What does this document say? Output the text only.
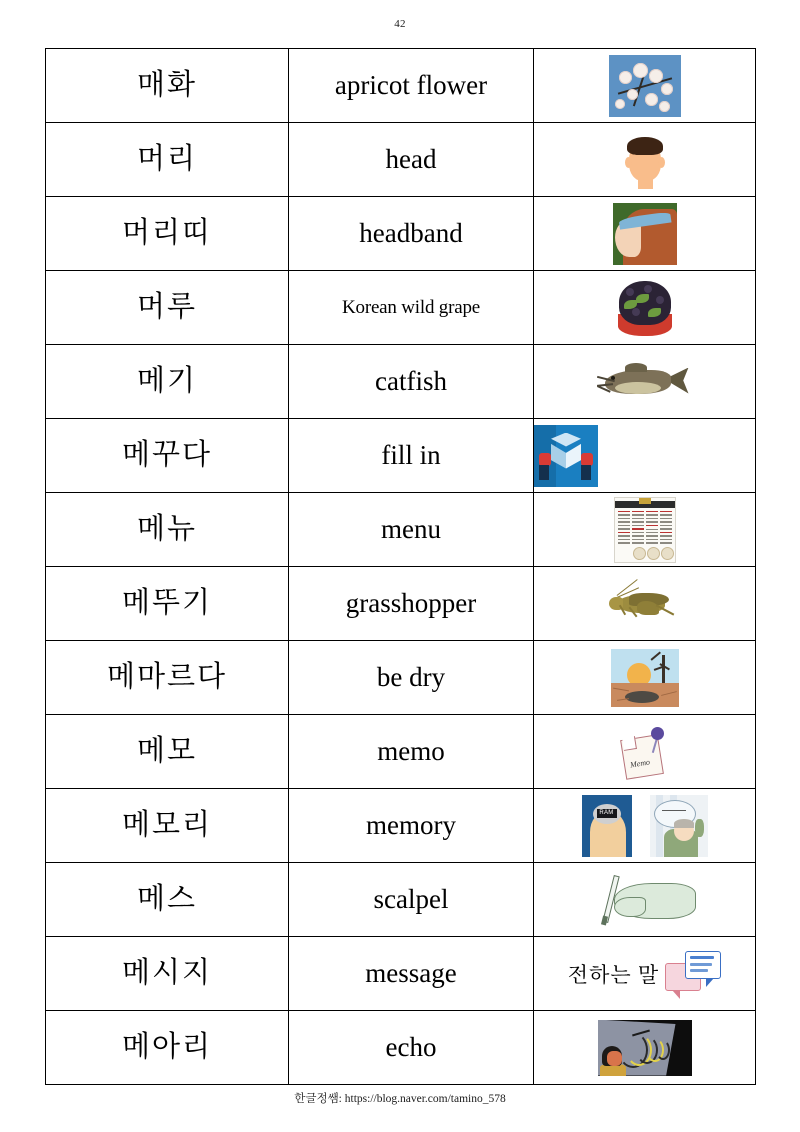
42
매화	apricot flower	

머리	head	

머리띠	headband	

머루	Korean wild grape	

메기	catfish	

메꾸다	fill in	

메뉴	menu	

메뚜기	grasshopper	

메마르다	be dry	

메모	memo	Memo

메모리	memory	RAM

메스	scalpel	

메시지	message	전하는 말

메아리	echo	

한글정쌤: https://blog.naver.com/tamino_578
